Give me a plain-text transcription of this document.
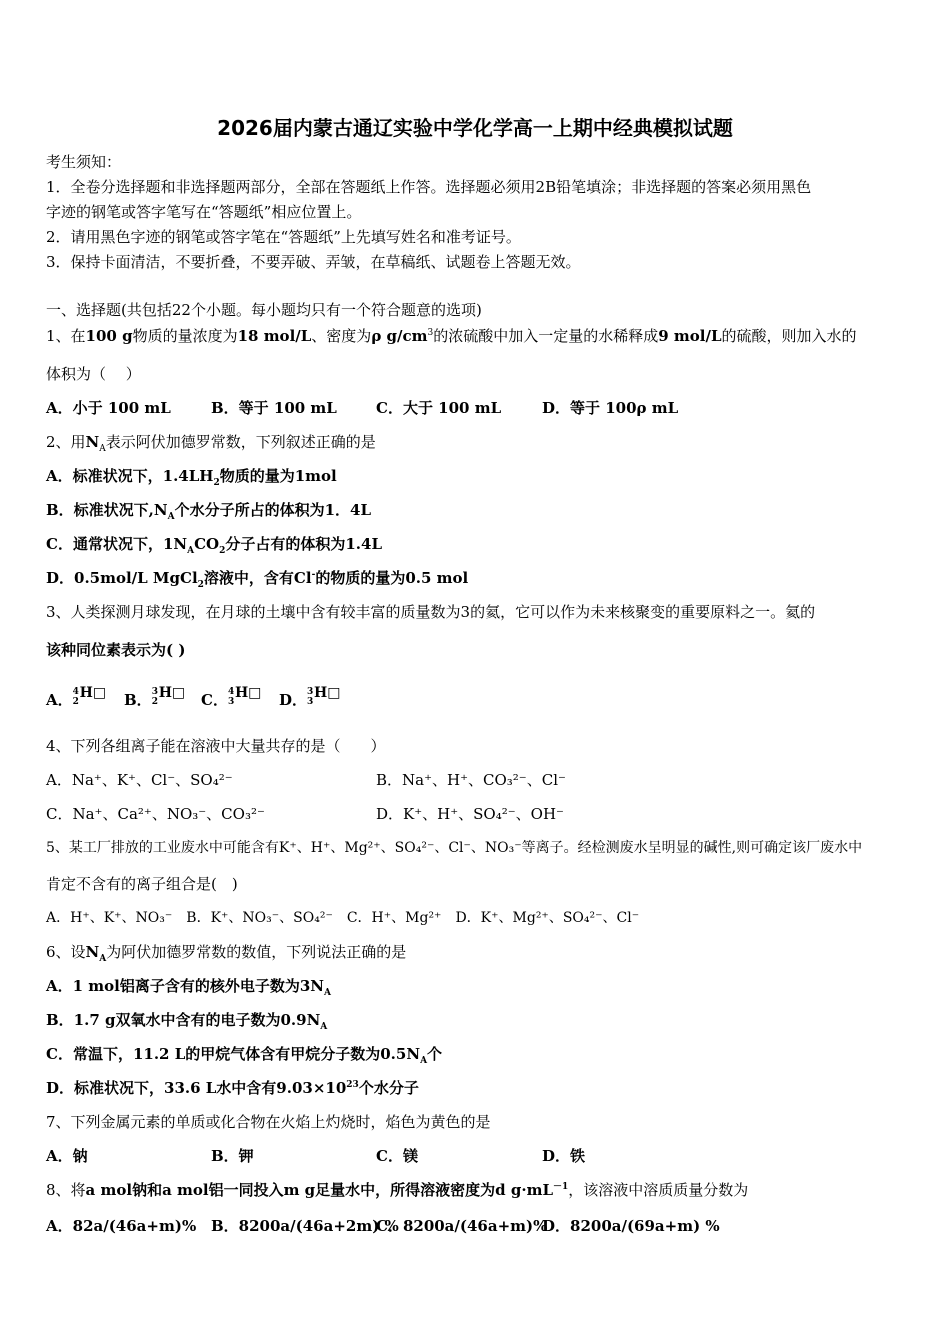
2026届内蒙古通辽实验中学化学高一上期中经典模拟试题
考生须知：
1．全卷分选择题和非选择题两部分，全部在答题纸上作答。选择题必须用2B铅笔填涂；非选择题的答案必须用黑色
字迹的钢笔或答字笔写在“答题纸”相应位置上。
2．请用黑色字迹的钢笔或答字笔在“答题纸”上先填写姓名和准考证号。
3．保持卡面清洁，不要折叠，不要弄破、弄皱，在草稿纸、试题卷上答题无效。
一、选择题(共包括22个小题。每小题均只有一个符合题意的选项)
1、在100 g物质的量浓度为18 mol/L、密度为ρ $g/cm^3$的浓硫酸中加入一定量的水稀释成9 mol/L的硫酸，则加入水的
体积为（　 ）
A．小于 100 mL	B．等于 100 mL	C．大于 100 mL	D．等于 100ρ mL
2、用$N_A$表示阿伏加德罗常数，下列叙述正确的是
A．标准状况下，$1.4LH_2$物质的量为1mol
B．标准状况下$,N_A$个水分子所占的体积为1．4L
C．通常状况下，$1N_ACO_2$分子占有的体积为1.4L
D．0.5mol/L MgCl$_2$溶液中，含有Cl-的物质的量为0.5 mol
3、人类探测月球发现，在月球的土壤中含有较丰富的质量数为3的氦，它可以作为未来核聚变的重要原料之一。氦的
该种同位素表示为( )
A． 4
2
H□ B． 3
2
H□ C． 4
3
H□ D． 3
3
H□
4、下列各组离子能在溶液中大量共存的是（　　）
A．Na⁺、K⁺、Cl⁻、SO₄²⁻	B．Na⁺、H⁺、CO₃²⁻、Cl⁻
C．Na⁺、Ca²⁺、NO₃⁻、CO₃²⁻	D．K⁺、H⁺、SO₄²⁻、OH⁻
5、某工厂排放的工业废水中可能含有K⁺、H⁺、Mg²⁺、SO₄²⁻、Cl⁻、NO₃⁻等离子。经检测废水呈明显的碱性,则可确定该厂废水中
肯定不含有的离子组合是(　)
A．H⁺、K⁺、NO₃⁻　B．K⁺、NO₃⁻、SO₄²⁻　C．H⁺、Mg²⁺　D．K⁺、Mg²⁺、SO₄²⁻、Cl⁻
6、设$N_A$为阿伏加德罗常数的数值，下列说法正确的是
A．1 mol铝离子含有的核外电子数为$3N_A$
B．1.7 g双氧水中含有的电子数为$0.9N_A$
C．常温下，11.2 L的甲烷气体含有甲烷分子数为$0.5N_A$个
D．标准状况下，33.6 L水中含有$9.03\times 10^{23}$个水分子
7、下列金属元素的单质或化合物在火焰上灼烧时，焰色为黄色的是
A．钠	B．钾	C．镁	D．铁
8、将a mol钠和a mol铝一同投入m g足量水中，所得溶液密度为d $g\cdot mL^{-1}$，该溶液中溶质质量分数为
A．82a/(46a+m)% B．8200a/(46a+2m) %
C．8200a/(46a+m)%
D．8200a/(69a+m) %
